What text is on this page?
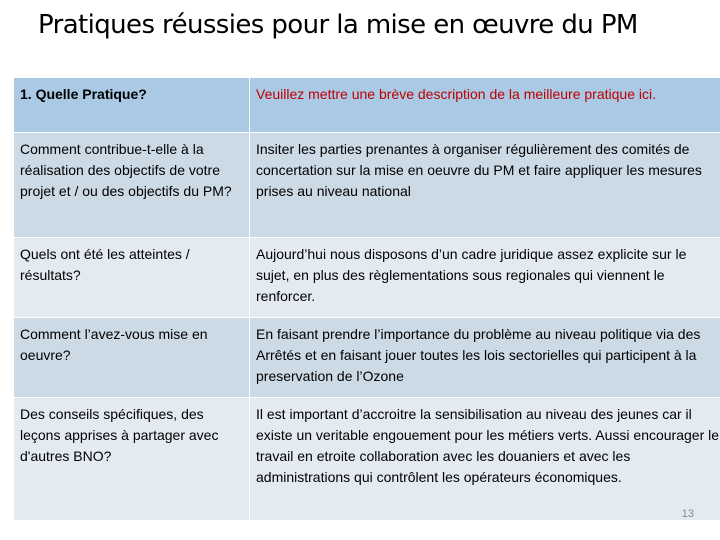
Pratiques réussies pour la mise en œuvre du PM
1. Quelle Pratique?	Veuillez mettre une brève description de la meilleure pratique ici.
Comment contribue-t-elle à la réalisation des objectifs de votre projet et / ou des objectifs du PM?	Insiter les parties prenantes à organiser régulièrement des comités de concertation sur la mise en oeuvre du PM et faire appliquer les mesures prises au niveau national
Quels ont été les atteintes / résultats?	Aujourd’hui nous disposons d’un cadre juridique assez explicite sur le sujet, en plus des règlementations sous regionales qui viennent le renforcer.
Comment l’avez-vous mise en oeuvre?	En faisant prendre l’importance du problème au niveau politique via des Arrêtés et en faisant jouer toutes les lois sectorielles qui participent à la preservation de l’Ozone
Des conseils spécifiques, des leçons apprises à partager avec d'autres BNO?	Il est important d’accroitre la sensibilisation au niveau des jeunes car il existe un veritable engouement pour les métiers verts. Aussi encourager le travail en etroite collaboration avec les douaniers et avec les administrations qui contrôlent les opérateurs économiques.
13
